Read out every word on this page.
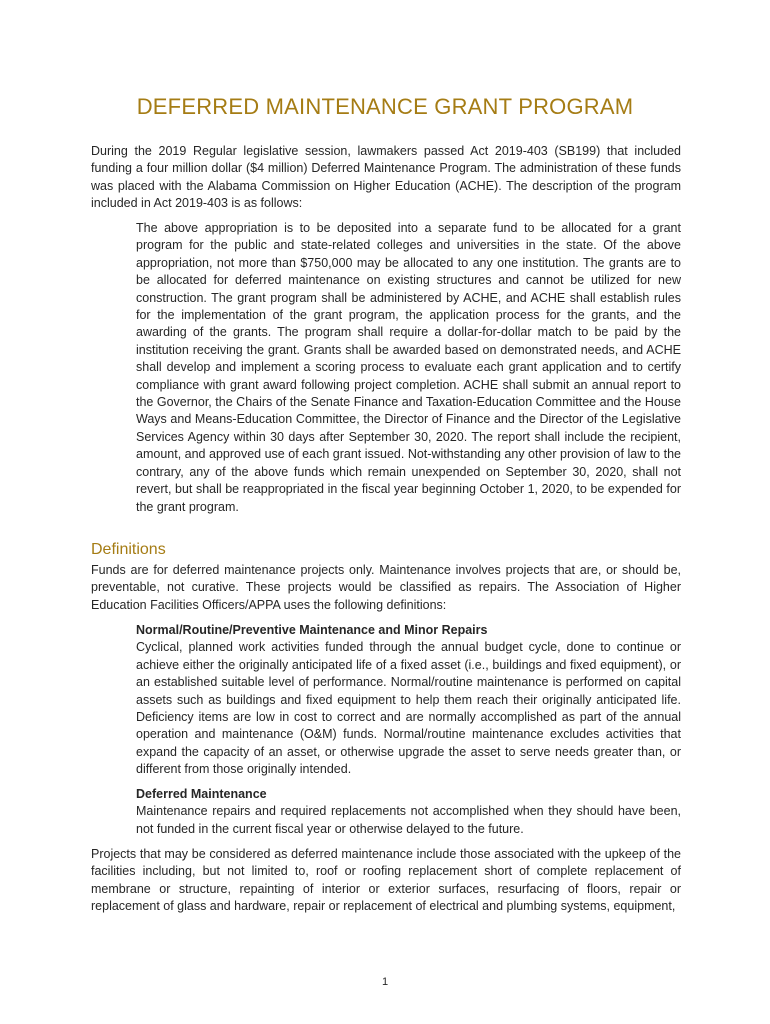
DEFERRED MAINTENANCE GRANT PROGRAM

During the 2019 Regular legislative session, lawmakers passed Act 2019-403 (SB199) that included funding a four million dollar ($4 million) Deferred Maintenance Program. The administration of these funds was placed with the Alabama Commission on Higher Education (ACHE). The description of the program included in Act 2019-403 is as follows:

The above appropriation is to be deposited into a separate fund to be allocated for a grant program for the public and state-related colleges and universities in the state. Of the above appropriation, not more than $750,000 may be allocated to any one institution. The grants are to be allocated for deferred maintenance on existing structures and cannot be utilized for new construction. The grant program shall be administered by ACHE, and ACHE shall establish rules for the implementation of the grant program, the application process for the grants, and the awarding of the grants. The program shall require a dollar-for-dollar match to be paid by the institution receiving the grant. Grants shall be awarded based on demonstrated needs, and ACHE shall develop and implement a scoring process to evaluate each grant application and to certify compliance with grant award following project completion. ACHE shall submit an annual report to the Governor, the Chairs of the Senate Finance and Taxation-Education Committee and the House Ways and Means-Education Committee, the Director of Finance and the Director of the Legislative Services Agency within 30 days after September 30, 2020. The report shall include the recipient, amount, and approved use of each grant issued. Not-withstanding any other provision of law to the contrary, any of the above funds which remain unexpended on September 30, 2020, shall not revert, but shall be reappropriated in the fiscal year beginning October 1, 2020, to be expended for the grant program.

Definitions

Funds are for deferred maintenance projects only. Maintenance involves projects that are, or should be, preventable, not curative. These projects would be classified as repairs. The Association of Higher Education Facilities Officers/APPA uses the following definitions:

Normal/Routine/Preventive Maintenance and Minor Repairs
Cyclical, planned work activities funded through the annual budget cycle, done to continue or achieve either the originally anticipated life of a fixed asset (i.e., buildings and fixed equipment), or an established suitable level of performance. Normal/routine maintenance is performed on capital assets such as buildings and fixed equipment to help them reach their originally anticipated life. Deficiency items are low in cost to correct and are normally accomplished as part of the annual operation and maintenance (O&M) funds. Normal/routine maintenance excludes activities that expand the capacity of an asset, or otherwise upgrade the asset to serve needs greater than, or different from those originally intended.
Deferred Maintenance
Maintenance repairs and required replacements not accomplished when they should have been, not funded in the current fiscal year or otherwise delayed to the future.

Projects that may be considered as deferred maintenance include those associated with the upkeep of the facilities including, but not limited to, roof or roofing replacement short of complete replacement of membrane or structure, repainting of interior or exterior surfaces, resurfacing of floors, repair or replacement of glass and hardware, repair or replacement of electrical and plumbing systems, equipment,

1
